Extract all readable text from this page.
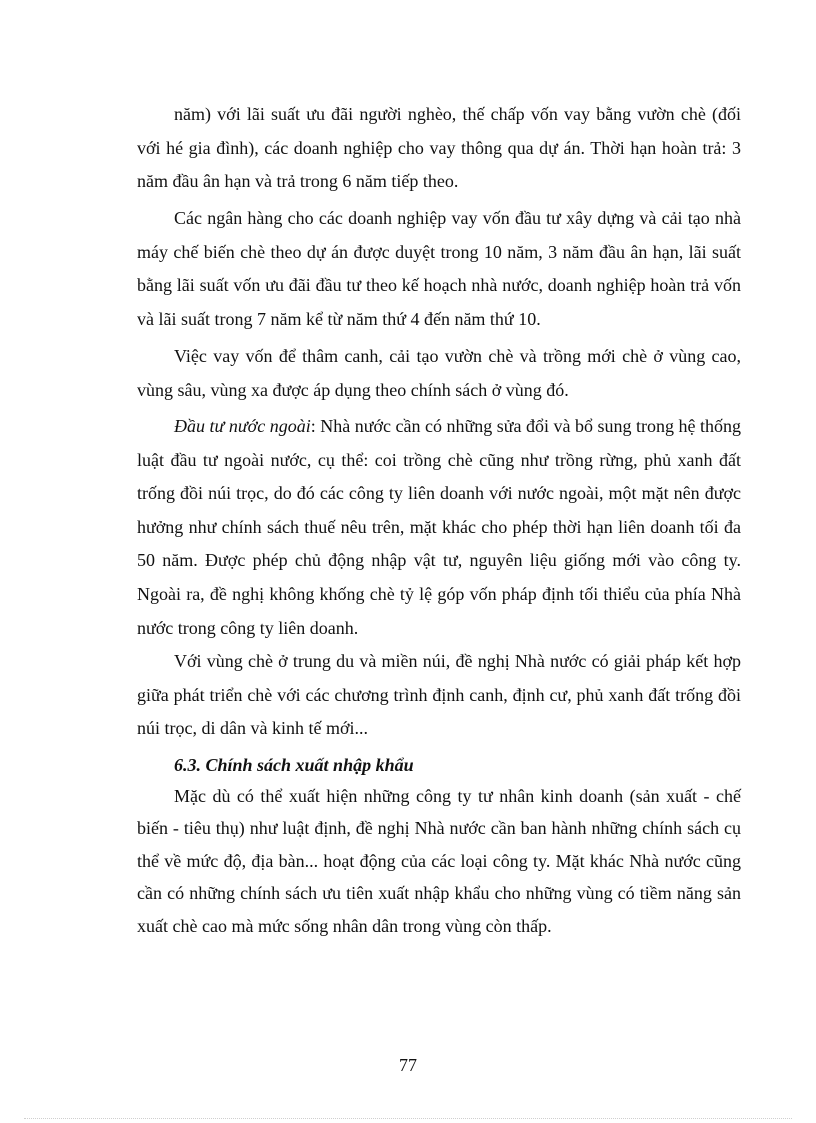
năm) với lãi suất ưu đãi người nghèo, thế chấp vốn vay bằng vườn chè (đối với hé gia đình), các doanh nghiệp cho vay thông qua dự án. Thời hạn hoàn trả: 3 năm đầu ân hạn và trả trong 6 năm tiếp theo.

Các ngân hàng cho các doanh nghiệp vay vốn đầu tư xây dựng và cải tạo nhà máy chế biến chè theo dự án được duyệt trong 10 năm, 3 năm đầu ân hạn, lãi suất bằng lãi suất vốn ưu đãi đầu tư theo kế hoạch nhà nước, doanh nghiệp hoàn trả vốn và lãi suất trong 7 năm kể từ năm thứ 4 đến năm thứ 10.

Việc vay vốn để thâm canh, cải tạo vườn chè và trồng mới chè ở vùng cao, vùng sâu, vùng xa được áp dụng theo chính sách ở vùng đó.

Đầu tư nước ngoài: Nhà nước cần có những sửa đổi và bổ sung trong hệ thống luật đầu tư ngoài nước, cụ thể: coi trồng chè cũng như trồng rừng, phủ xanh đất trống đồi núi trọc, do đó các công ty liên doanh với nước ngoài, một mặt nên được hưởng như chính sách thuế nêu trên, mặt khác cho phép thời hạn liên doanh tối đa 50 năm. Được phép chủ động nhập vật tư, nguyên liệu giống mới vào công ty. Ngoài ra, đề nghị không khống chè tỷ lệ góp vốn pháp định tối thiểu của phía Nhà nước trong công ty liên doanh.

Với vùng chè ở trung du và miền núi, đề nghị Nhà nước có giải pháp kết hợp giữa phát triển chè với các chương trình định canh, định cư, phủ xanh đất trống đồi núi trọc, di dân và kinh tế mới...

6.3. Chính sách xuất nhập khẩu

Mặc dù có thể xuất hiện những công ty tư nhân kinh doanh (sản xuất - chế biến - tiêu thụ) như luật định, đề nghị Nhà nước cần ban hành những chính sách cụ thể về mức độ, địa bàn... hoạt động của các loại công ty. Mặt khác Nhà nước cũng cần có những chính sách ưu tiên xuất nhập khẩu cho những vùng có tiềm năng sản xuất chè cao mà mức sống nhân dân trong vùng còn thấp.

77
